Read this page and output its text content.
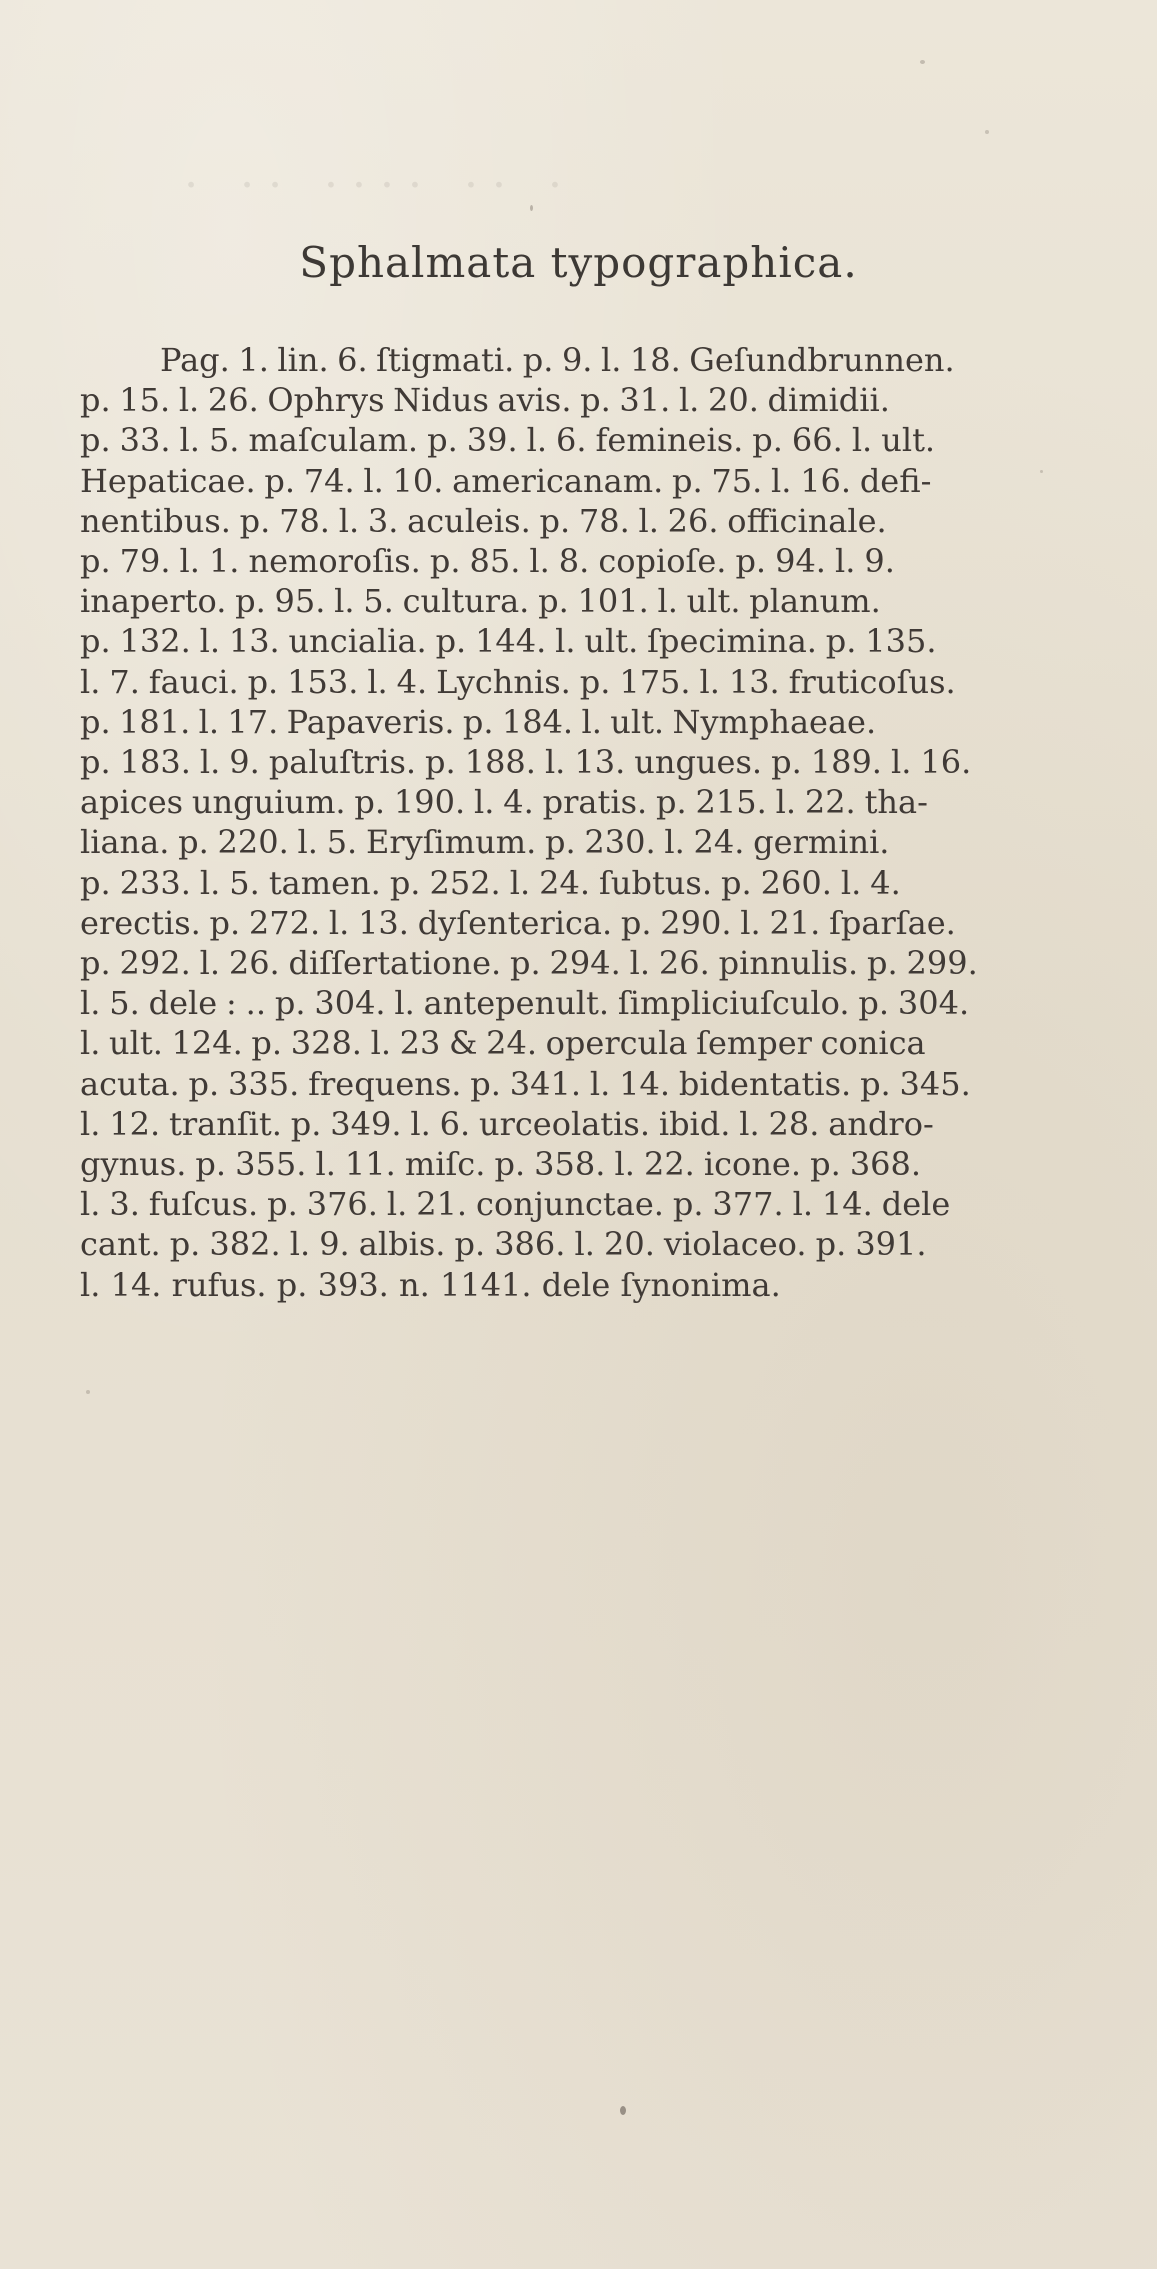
· ·· ···· ·· ·
Sphalmata typographica.
Pag. 1. lin. 6. ſtigmati. p. 9. l. 18. Geſundbrunnen.
p. 15. l. 26. Ophrys Nidus avis. p. 31. l. 20. dimidii.
p. 33. l. 5. maſculam. p. 39. l. 6. femineis. p. 66. l. ult.
Hepaticae. p. 74. l. 10. americanam. p. 75. l. 16. defi-
nentibus. p. 78. l. 3. aculeis. p. 78. l. 26. officinale.
p. 79. l. 1. nemoroſis. p. 85. l. 8. copioſe. p. 94. l. 9.
inaperto. p. 95. l. 5. cultura. p. 101. l. ult. planum.
p. 132. l. 13. uncialia. p. 144. l. ult. ſpecimina. p. 135.
l. 7. fauci. p. 153. l. 4. Lychnis. p. 175. l. 13. fruticoſus.
p. 181. l. 17. Papaveris. p. 184. l. ult. Nymphaeae.
p. 183. l. 9. paluſtris. p. 188. l. 13. ungues. p. 189. l. 16.
apices unguium. p. 190. l. 4. pratis. p. 215. l. 22. tha-
liana. p. 220. l. 5. Eryſimum. p. 230. l. 24. germini.
p. 233. l. 5. tamen. p. 252. l. 24. ſubtus. p. 260. l. 4.
erectis. p. 272. l. 13. dyſenterica. p. 290. l. 21. ſparſae.
p. 292. l. 26. diſſertatione. p. 294. l. 26. pinnulis. p. 299.
l. 5. dele : .. p. 304. l. antepenult. ſimpliciuſculo. p. 304.
l. ult. 124. p. 328. l. 23 & 24. opercula ſemper conica
acuta. p. 335. frequens. p. 341. l. 14. bidentatis. p. 345.
l. 12. tranſit. p. 349. l. 6. urceolatis. ibid. l. 28. andro-
gynus. p. 355. l. 11. miſc. p. 358. l. 22. icone. p. 368.
l. 3. fuſcus. p. 376. l. 21. conjunctae. p. 377. l. 14. dele
cant. p. 382. l. 9. albis. p. 386. l. 20. violaceo. p. 391.
l. 14. rufus. p. 393. n. 1141. dele ſynonima.
